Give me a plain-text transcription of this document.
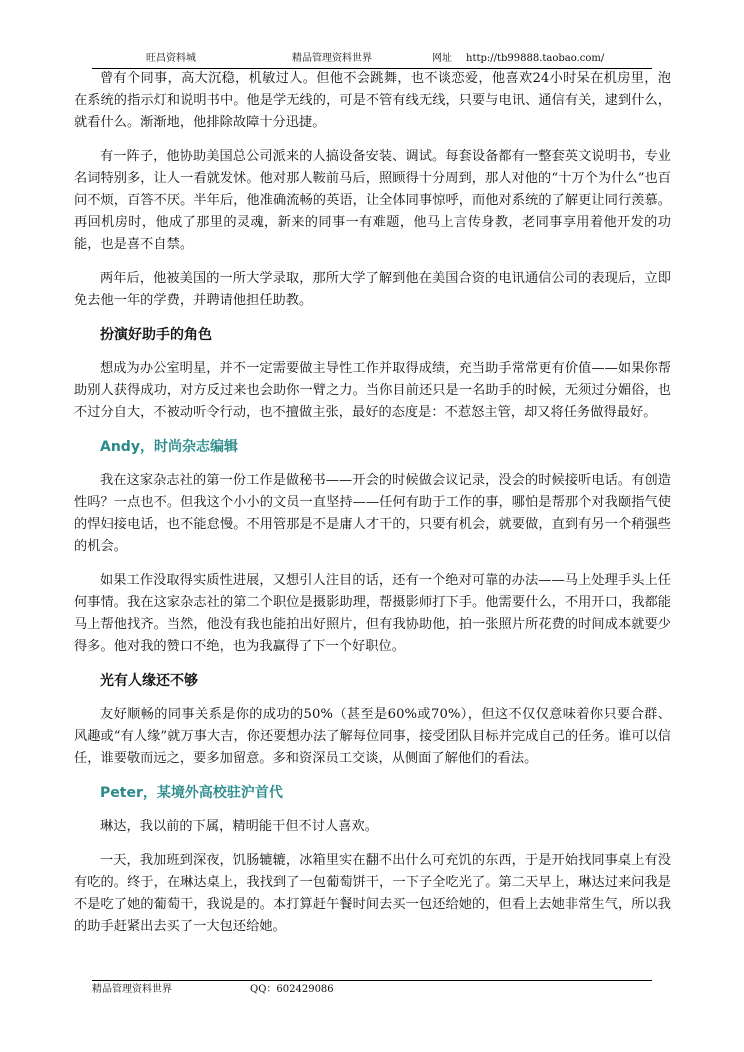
旺昌资料城	精品管理资料世界	网址 http://tb99888.taobao.com/

曾有个同事，高大沉稳，机敏过人。但他不会跳舞，也不谈恋爱，他喜欢24小时呆在机房里，泡在系统的指示灯和说明书中。他是学无线的，可是不管有线无线，只要与电讯、通信有关，逮到什么，就看什么。渐渐地，他排除故障十分迅捷。

有一阵子，他协助美国总公司派来的人搞设备安装、调试。每套设备都有一整套英文说明书，专业名词特别多，让人一看就发怵。他对那人鞍前马后，照顾得十分周到，那人对他的“十万个为什么”也百问不烦，百答不厌。半年后，他准确流畅的英语，让全体同事惊呼，而他对系统的了解更让同行羡慕。再回机房时，他成了那里的灵魂，新来的同事一有难题，他马上言传身教，老同事享用着他开发的功能，也是喜不自禁。

两年后，他被美国的一所大学录取，那所大学了解到他在美国合资的电讯通信公司的表现后，立即免去他一年的学费，并聘请他担任助教。

扮演好助手的角色

想成为办公室明星，并不一定需要做主导性工作并取得成绩，充当助手常常更有价值——如果你帮助别人获得成功，对方反过来也会助你一臂之力。当你目前还只是一名助手的时候，无须过分媚俗，也不过分自大，不被动听令行动，也不擅做主张，最好的态度是：不惹怒主管，却又将任务做得最好。

Andy，时尚杂志编辑

我在这家杂志社的第一份工作是做秘书——开会的时候做会议记录，没会的时候接听电话。有创造性吗？一点也不。但我这个小小的文员一直坚持——任何有助于工作的事，哪怕是帮那个对我颐指气使的悍妇接电话，也不能怠慢。不用管那是不是庸人才干的，只要有机会，就要做，直到有另一个稍强些的机会。

如果工作没取得实质性进展，又想引人注目的话，还有一个绝对可靠的办法——马上处理手头上任何事情。我在这家杂志社的第二个职位是摄影助理，帮摄影师打下手。他需要什么，不用开口，我都能马上帮他找齐。当然，他没有我也能拍出好照片，但有我协助他，拍一张照片所花费的时间成本就要少得多。他对我的赞口不绝，也为我赢得了下一个好职位。

光有人缘还不够

友好顺畅的同事关系是你的成功的50%（甚至是60%或70%），但这不仅仅意味着你只要合群、风趣或“有人缘”就万事大吉，你还要想办法了解每位同事，接受团队目标并完成自己的任务。谁可以信任，谁要敬而远之，要多加留意。多和资深员工交谈，从侧面了解他们的看法。

Peter，某境外高校驻沪首代

琳达，我以前的下属，精明能干但不讨人喜欢。

一天，我加班到深夜，饥肠辘辘，冰箱里实在翻不出什么可充饥的东西，于是开始找同事桌上有没有吃的。终于，在琳达桌上，我找到了一包葡萄饼干，一下子全吃光了。第二天早上，琳达过来问我是不是吃了她的葡萄干，我说是的。本打算赶午餐时间去买一包还给她的，但看上去她非常生气，所以我的助手赶紧出去买了一大包还给她。

精品管理资料世界	QQ：602429086
